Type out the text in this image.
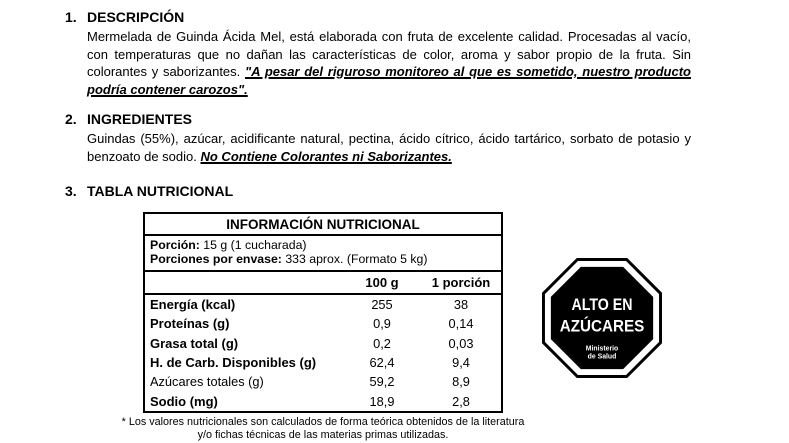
1. DESCRIPCIÓN

Mermelada de Guinda Ácida Mel, está elaborada con fruta de excelente calidad. Procesadas al vacío, con temperaturas que no dañan las características de color, aroma y sabor propio de la fruta. Sin colorantes y saborizantes. "A pesar del riguroso monitoreo al que es sometido, nuestro producto podría contener carozos".

2. INGREDIENTES

Guindas (55%), azúcar, acidificante natural, pectina, ácido cítrico, ácido tartárico, sorbato de potasio y benzoato de sodio. No Contiene Colorantes ni Saborizantes.

3. TABLA NUTRICIONAL
INFORMACIÓN NUTRICIONAL
Porción: 15 g (1 cucharada)
Porciones por envase: 333 aprox. (Formato 5 kg)
100 g	1 porción
Energía (kcal)	255	38
Proteínas (g)	0,9	0,14
Grasa total (g)	0,2	0,03
H. de Carb. Disponibles (g)	62,4	9,4
Azúcares totales (g)	59,2	8,9
Sodio (mg)	18,9	2,8
* Los valores nutricionales son calculados de forma teórica obtenidos de la literatura
y/o fichas técnicas de las materias primas utilizadas.
ALTO EN
AZÚCARES
Ministerio
de Salud
